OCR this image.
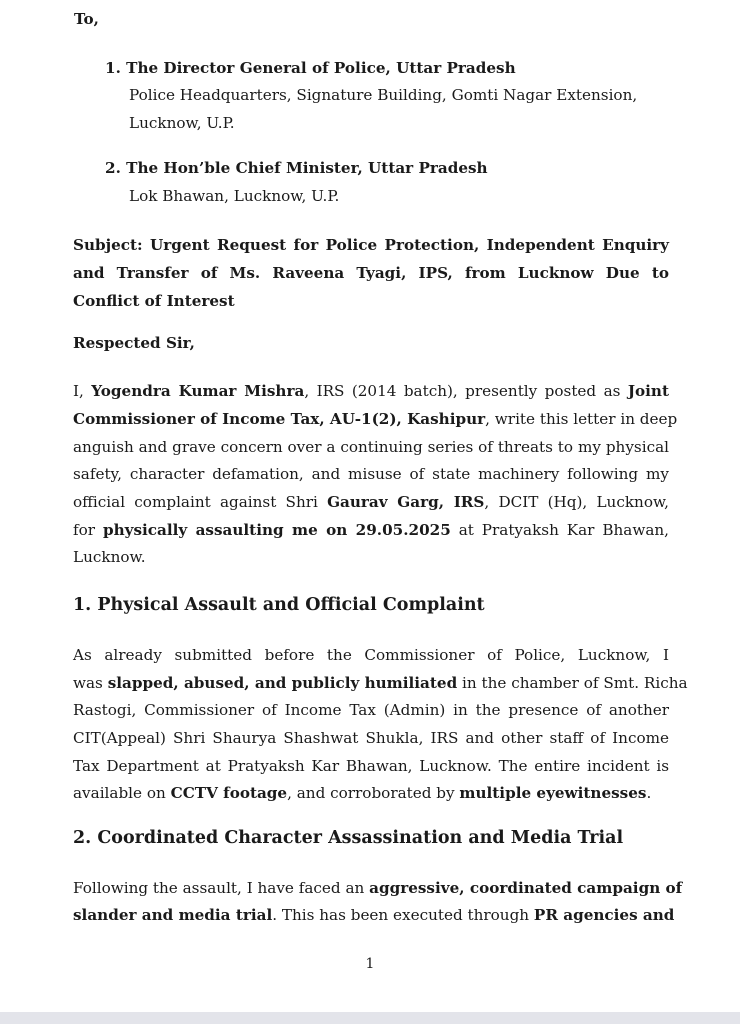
To,

1. The Director General of Police, Uttar Pradesh

Police Headquarters, Signature Building, Gomti Nagar Extension,

Lucknow, U.P.

2. The Hon’ble Chief Minister, Uttar Pradesh

Lok Bhawan, Lucknow, U.P.

Subject: Urgent Request for Police Protection, Independent Enquiry and Transfer of Ms. Raveena Tyagi, IPS, from Lucknow Due to Conflict of Interest

Respected Sir,

I, Yogendra Kumar Mishra, IRS (2014 batch), presently posted as Joint

Commissioner of Income Tax, AU-1(2), Kashipur, write this letter in deep

anguish and grave concern over a continuing series of threats to my physical

safety, character defamation, and misuse of state machinery following my

official complaint against Shri Gaurav Garg, IRS, DCIT (Hq), Lucknow,

for physically assaulting me on 29.05.2025 at Pratyaksh Kar Bhawan,

Lucknow.

1. Physical Assault and Official Complaint

As already submitted before the Commissioner of Police, Lucknow, I

was slapped, abused, and publicly humiliated in the chamber of Smt. Richa

Rastogi, Commissioner of Income Tax (Admin) in the presence of another

CIT(Appeal) Shri Shaurya Shashwat Shukla, IRS and other staff of Income

Tax Department at Pratyaksh Kar Bhawan, Lucknow. The entire incident is

available on CCTV footage, and corroborated by multiple eyewitnesses.

2. Coordinated Character Assassination and Media Trial

Following the assault, I have faced an aggressive, coordinated campaign of

slander and media trial. This has been executed through PR agencies and

1
